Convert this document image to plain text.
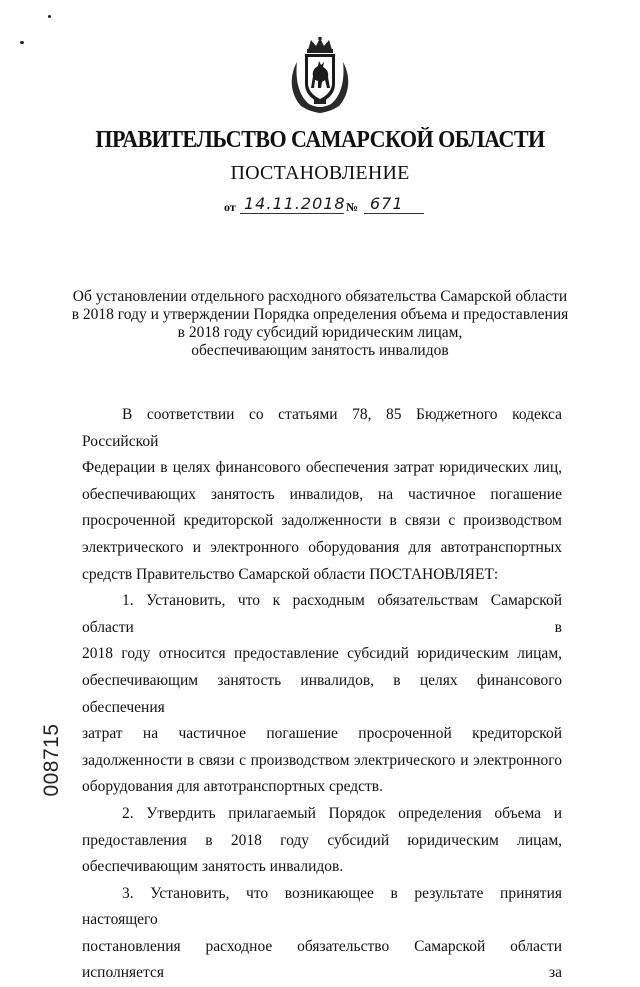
ПРАВИТЕЛЬСТВО САМАРСКОЙ ОБЛАСТИ
ПОСТАНОВЛЕНИЕ
от 14.11.2018 № 671
Об установлении отдельного расходного обязательства Самарской области
в 2018 году и утверждении Порядка определения объема и предоставления
в 2018 году субсидий юридическим лицам,
обеспечивающим занятость инвалидов
В соответствии со статьями 78, 85 Бюджетного кодекса Российской
Федерации в целях финансового обеспечения затрат юридических лиц,
обеспечивающих занятость инвалидов, на частичное погашение
просроченной кредиторской задолженности в связи с производством
электрического и электронного оборудования для автотранспортных
средств Правительство Самарской области ПОСТАНОВЛЯЕТ:
1. Установить, что к расходным обязательствам Самарской области в
2018 году относится предоставление субсидий юридическим лицам,
обеспечивающим занятость инвалидов, в целях финансового обеспечения
затрат на частичное погашение просроченной кредиторской
задолженности в связи с производством электрического и электронного
оборудования для автотранспортных средств.
2. Утвердить прилагаемый Порядок определения объема и
предоставления в 2018 году субсидий юридическим лицам,
обеспечивающим занятость инвалидов.
3. Установить, что возникающее в результате принятия настоящего
постановления расходное обязательство Самарской области исполняется за
008715
